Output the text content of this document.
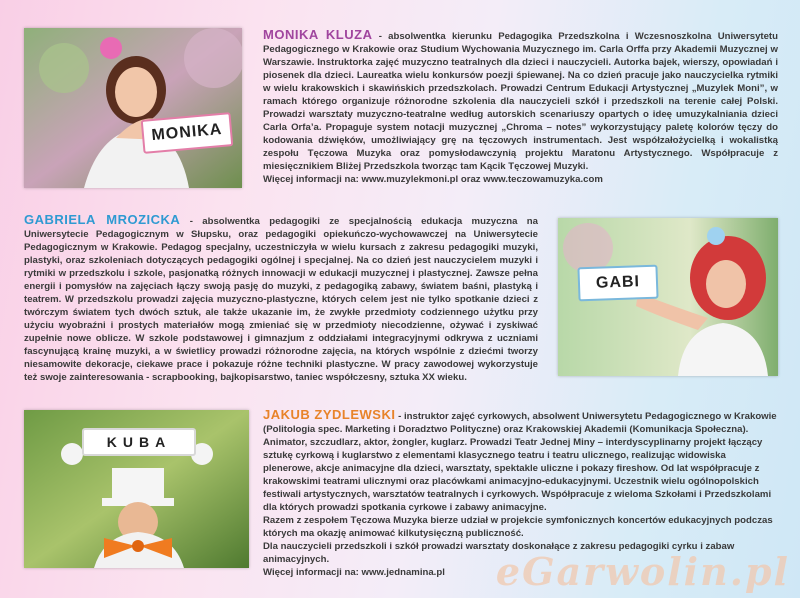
MONIKA

MONIKA KLUZA - absolwentka kierunku Pedagogika Przedszkolna i Wczesnoszkolna Uniwersytetu Pedagogicznego w Krakowie oraz Studium Wychowania Muzycznego im. Carla Orffa przy Akademii Muzycznej w Warszawie. Instruktorka zajęć muzyczno teatralnych dla dzieci i nauczycieli. Autorka bajek, wierszy, opowiadań i piosenek dla dzieci. Laureatka wielu konkursów poezji śpiewanej. Na co dzień pracuje jako nauczycielka rytmiki w wielu krakowskich i skawińskich przedszkolach. Prowadzi Centrum Edukacji Artystycznej „Muzylek Moni”, w ramach którego organizuje różnorodne szkolenia dla nauczycieli szkół i przedszkoli na terenie całej Polski. Prowadzi warsztaty muzyczno-teatralne według autorskich scenariuszy opartych o ideę umuzykalniania dzieci Carla Orfa’a. Propaguje system notacji muzycznej „Chroma – notes” wykorzystujący paletę kolorów tęczy do kodowania dźwięków, umożliwiający grę na tęczowych instrumentach. Jest współzałożycielką i wokalistką zespołu Tęczowa Muzyka oraz pomysłodawczynią projektu Maratonu Artystycznego. Współpracuje z miesięcznikiem Bliżej Przedszkola tworząc tam Kącik Tęczowej Muzyki.

Więcej informacji na: www.muzylekmoni.pl oraz www.teczowamuzyka.com

GABRIELA MROZICKA - absolwentka pedagogiki ze specjalnością edukacja muzyczna na Uniwersytecie Pedagogicznym w Słupsku, oraz pedagogiki opiekuńczo-wychowawczej na Uniwersytecie Pedagogicznym w Krakowie. Pedagog specjalny, uczestniczyła w wielu kursach z zakresu pedagogiki muzyki, plastyki, oraz szkoleniach dotyczących pedagogiki ogólnej i specjalnej. Na co dzień jest nauczycielem muzyki i rytmiki w przedszkolu i szkole, pasjonatką różnych innowacji w edukacji muzycznej i plastycznej. Zawsze pełna energii i pomysłów na zajęciach łączy swoją pasję do muzyki, z pedagogiką zabawy, światem baśni, plastyką i teatrem. W przedszkolu prowadzi zajęcia muzyczno-plastyczne, których celem jest nie tylko spotkanie dzieci z twórczym światem tych dwóch sztuk, ale także ukazanie im, że zwykłe przedmioty codziennego użytku przy użyciu wyobraźni i prostych materiałów mogą zmieniać się w przedmioty niecodzienne, ożywać i zyskiwać zupełnie nowe oblicze. W szkole podstawowej i gimnazjum z oddziałami integracyjnymi odkrywa z uczniami fascynującą krainę muzyki, a w świetlicy prowadzi różnorodne zajęcia, na których wspólnie z dziećmi tworzy niesamowite dekoracje, ciekawe prace i pokazuje różne techniki plastyczne. W pracy zawodowej wykorzystuje też swoje zainteresowania - scrapbooking, bajkopisarstwo, taniec współczesny, sztuka XX wieku.

GABI
KUBA

JAKUB ZYDLEWSKI - instruktor zajęć cyrkowych, absolwent Uniwersytetu Pedagogicznego w Krakowie (Politologia spec. Marketing i Doradztwo Polityczne) oraz Krakowskiej Akademii (Komunikacja Społeczna). Animator, szczudlarz, aktor, żongler, kuglarz. Prowadzi Teatr Jednej Miny – interdyscyplinarny projekt łączący sztukę cyrkową i kuglarstwo z elementami klasycznego teatru i teatru ulicznego, realizując widowiska plenerowe, akcje animacyjne dla dzieci, warsztaty, spektakle uliczne i pokazy fireshow. Od lat współpracuje z krakowskimi teatrami ulicznymi oraz placówkami animacyjno-edukacyjnymi. Uczestnik wielu ogólnopolskich festiwali artystycznych, warsztatów teatralnych i cyrkowych. Współpracuje z wieloma Szkołami i Przedszkolami dla których prowadzi spotkania cyrkowe i zabawy animacyjne.

Razem z zespołem Tęczowa Muzyka bierze udział w projekcie symfonicznych koncertów edukacyjnych podczas których ma okazję animować kilkutysięczną publiczność.

Dla nauczycieli przedszkoli i szkół prowadzi warsztaty doskonałące z zakresu pedagogiki cyrku i zabaw animacyjnych.

Więcej informacji na: www.jednamina.pl	eGarwolin.pl
